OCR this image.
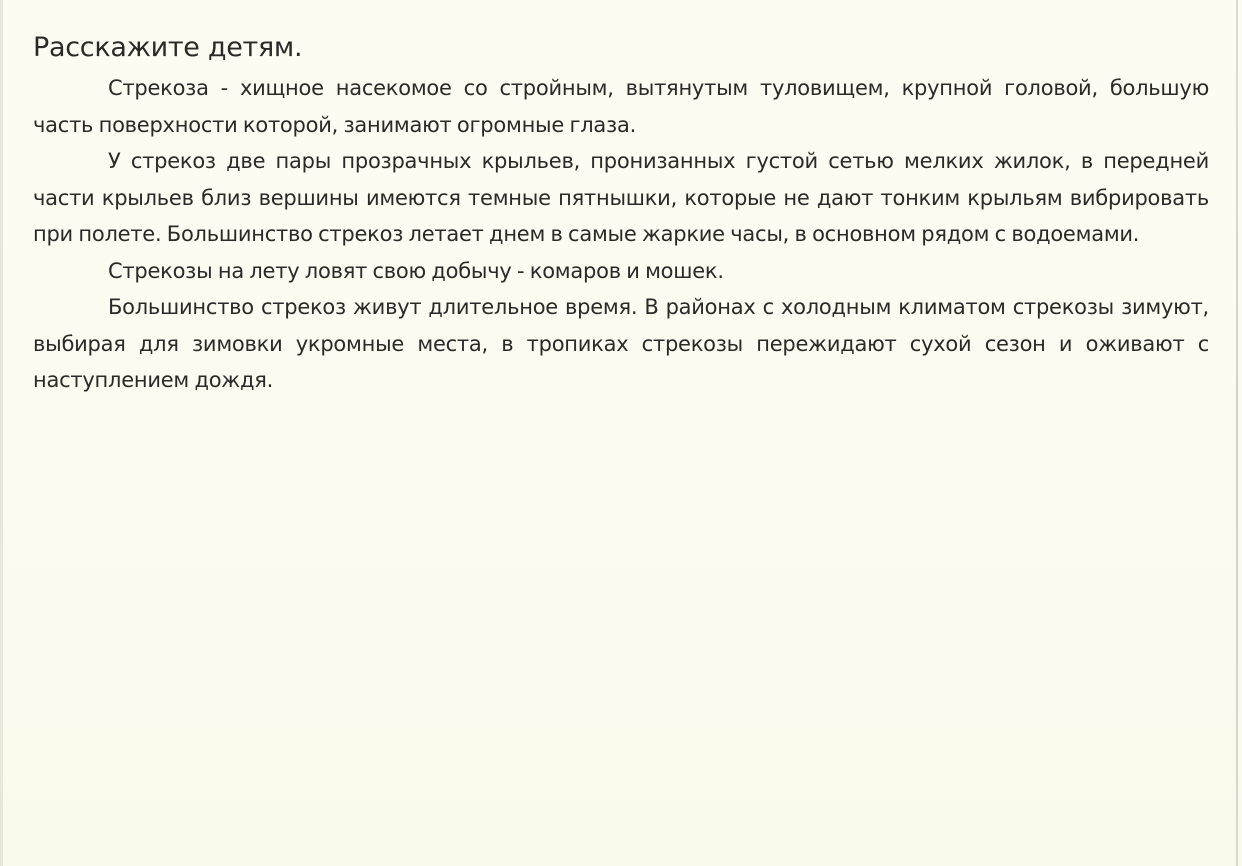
Расскажите детям.

Стрекоза - хищное насекомое со стройным, вытянутым туловищем, крупной головой, большую часть поверхности которой, занимают огромные глаза.

У стрекоз две пары прозрачных крыльев, пронизанных густой сетью мелких жилок, в передней части крыльев близ вершины имеются темные пятнышки, которые не дают тонким крыльям вибрировать при полете. Большинство стрекоз летает днем в самые жаркие часы, в основном рядом с водоемами.

Стрекозы на лету ловят свою добычу - комаров и мошек.

Большинство стрекоз живут длительное время. В районах с холодным климатом стрекозы зимуют, выбирая для зимовки укромные места, в тропиках стрекозы пережидают сухой сезон и оживают с наступлением дождя.
